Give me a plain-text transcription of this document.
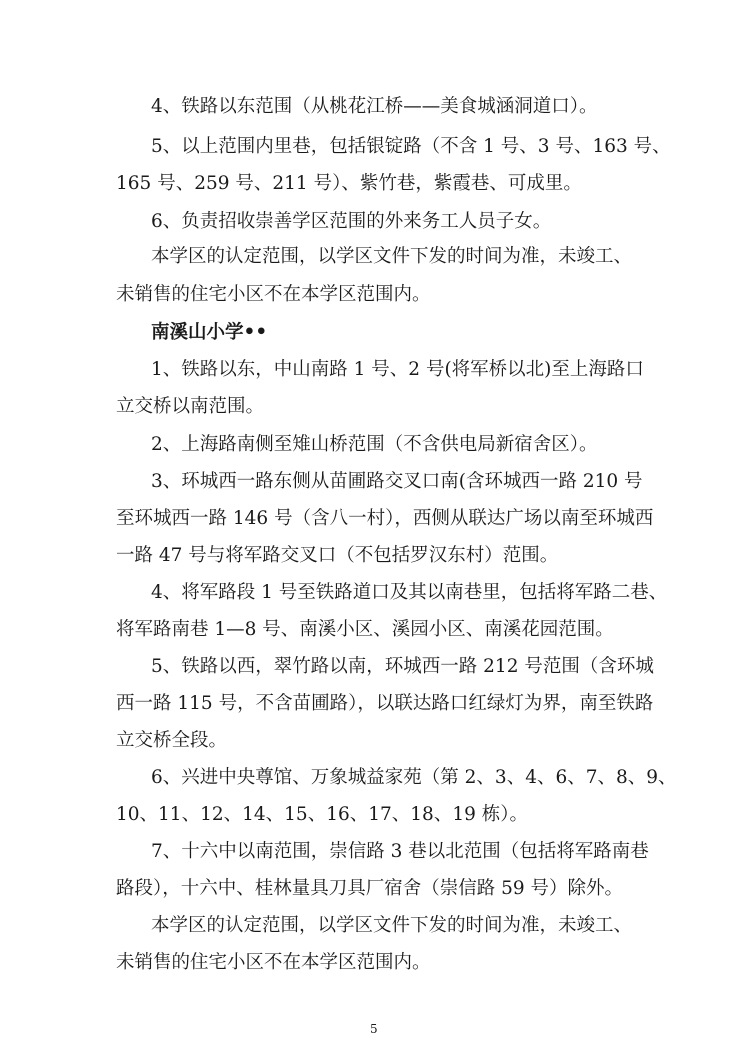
4、铁路以东范围（从桃花江桥——美食城涵洞道口）。
5、以上范围内里巷，包括银锭路（不含 1 号、3 号、163 号、
165 号、259 号、211 号）、紫竹巷，紫霞巷、可成里。
6、负责招收崇善学区范围的外来务工人员子女。
本学区的认定范围，以学区文件下发的时间为准，未竣工、
未销售的住宅小区不在本学区范围内。
南溪山小学••
1、铁路以东，中山南路 1 号、2 号(将军桥以北)至上海路口
立交桥以南范围。
2、上海路南侧至雉山桥范围（不含供电局新宿舍区）。
3、环城西一路东侧从苗圃路交叉口南(含环城西一路 210 号
至环城西一路 146 号（含八一村），西侧从联达广场以南至环城西
一路 47 号与将军路交叉口（不包括罗汉东村）范围。
4、将军路段 1 号至铁路道口及其以南巷里，包括将军路二巷、
将军路南巷 1—8 号、南溪小区、溪园小区、南溪花园范围。
5、铁路以西，翠竹路以南，环城西一路 212 号范围（含环城
西一路 115 号，不含苗圃路），以联达路口红绿灯为界，南至铁路
立交桥全段。
6、兴进中央尊馆、万象城益家苑（第 2、3、4、6、7、8、9、
10、11、12、14、15、16、17、18、19 栋）。
7、十六中以南范围，崇信路 3 巷以北范围（包括将军路南巷
路段），十六中、桂林量具刀具厂宿舍（崇信路 59 号）除外。
本学区的认定范围，以学区文件下发的时间为准，未竣工、
未销售的住宅小区不在本学区范围内。
5
